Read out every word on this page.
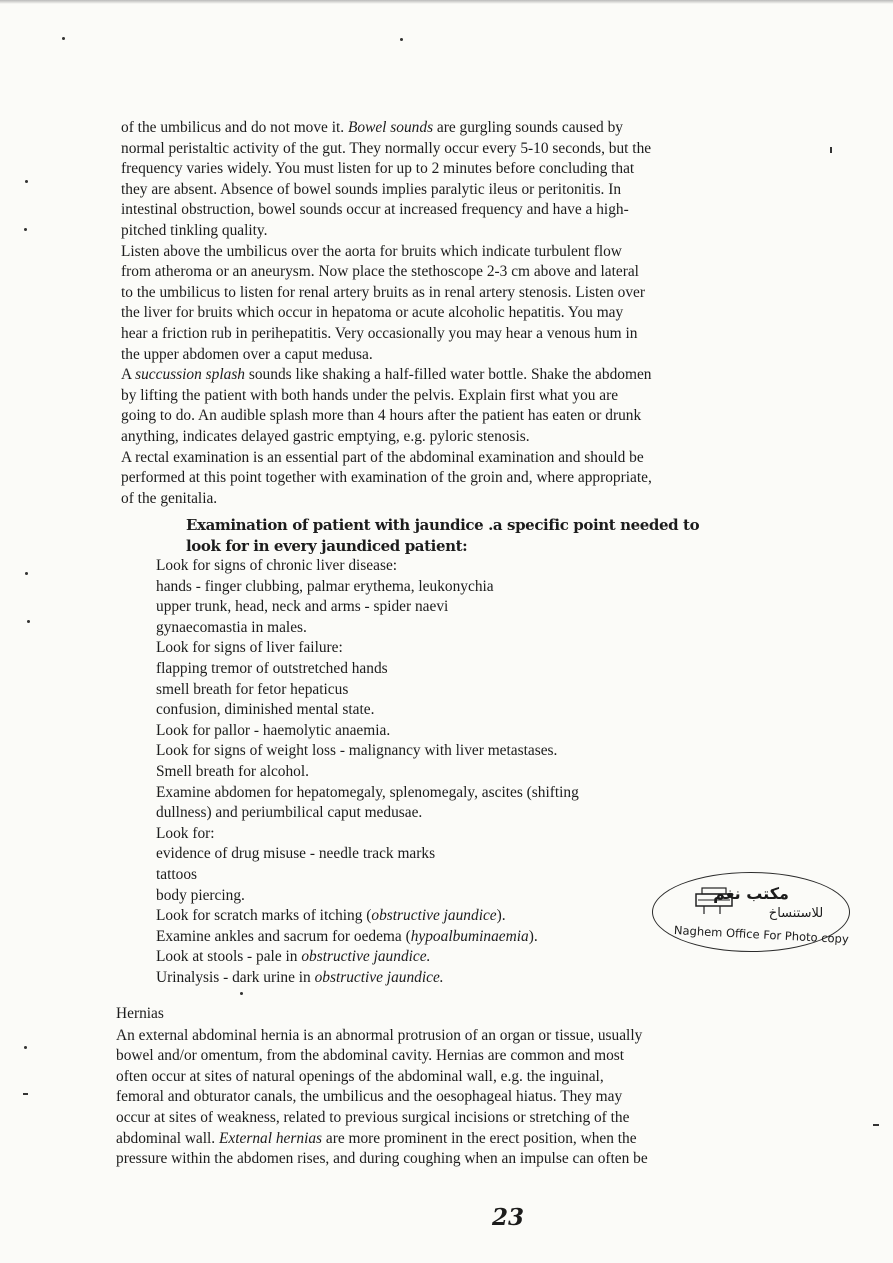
of the umbilicus and do not move it. Bowel sounds are gurgling sounds caused by
normal peristaltic activity of the gut. They normally occur every 5-10 seconds, but the
frequency varies widely. You must listen for up to 2 minutes before concluding that
they are absent. Absence of bowel sounds implies paralytic ileus or peritonitis. In
intestinal obstruction, bowel sounds occur at increased frequency and have a high-
pitched tinkling quality.
Listen above the umbilicus over the aorta for bruits which indicate turbulent flow
from atheroma or an aneurysm. Now place the stethoscope 2-3 cm above and lateral
to the umbilicus to listen for renal artery bruits as in renal artery stenosis. Listen over
the liver for bruits which occur in hepatoma or acute alcoholic hepatitis. You may
hear a friction rub in perihepatitis. Very occasionally you may hear a venous hum in
the upper abdomen over a caput medusa.
A succussion splash sounds like shaking a half-filled water bottle. Shake the abdomen
by lifting the patient with both hands under the pelvis. Explain first what you are
going to do. An audible splash more than 4 hours after the patient has eaten or drunk
anything, indicates delayed gastric emptying, e.g. pyloric stenosis.
A rectal examination is an essential part of the abdominal examination and should be
performed at this point together with examination of the groin and, where appropriate,
of the genitalia.

Examination of patient with jaundice .a specific point needed to
look for in every jaundiced patient:
Look for signs of chronic liver disease:
hands - finger clubbing, palmar erythema, leukonychia
upper trunk, head, neck and arms - spider naevi
gynaecomastia in males.
Look for signs of liver failure:
flapping tremor of outstretched hands
smell breath for fetor hepaticus
confusion, diminished mental state.
Look for pallor - haemolytic anaemia.
Look for signs of weight loss - malignancy with liver metastases.
Smell breath for alcohol.
Examine abdomen for hepatomegaly, splenomegaly, ascites (shifting
dullness) and periumbilical caput medusae.
Look for:
evidence of drug misuse - needle track marks
tattoos
body piercing.
Look for scratch marks of itching (obstructive jaundice).
Examine ankles and sacrum for oedema (hypoalbuminaemia).
Look at stools - pale in obstructive jaundice.
Urinalysis - dark urine in obstructive jaundice.

Hernias

An external abdominal hernia is an abnormal protrusion of an organ or tissue, usually
bowel and/or omentum, from the abdominal cavity. Hernias are common and most
often occur at sites of natural openings of the abdominal wall, e.g. the inguinal,
femoral and obturator canals, the umbilicus and the oesophageal hiatus. They may
occur at sites of weakness, related to previous surgical incisions or stretching of the
abdominal wall. External hernias are more prominent in the erect position, when the
pressure within the abdomen rises, and during coughing when an impulse can often be

مكتب نغم
للاستنساخ
Naghem Office For Photo copy
23
